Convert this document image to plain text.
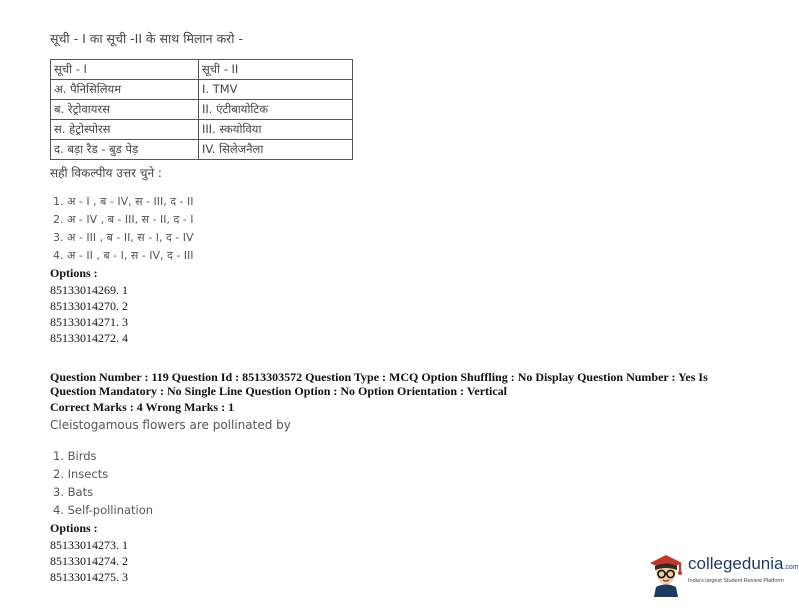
सूची - I का सूची -II के साथ मिलान करो -
सूची - I	सूची - II
अ. पैनिसिलियम	I. TMV
ब. रेट्रोवायरस	II. एंटीबायोटिक
स. हेट्रोस्पोरस	III. स्कयोविया
द. बड़ा रैड - बुड पेड़	IV. सिलेजनैला
सही विकल्पीय उत्तर चुने :
1. अ - I , ब - IV, स - III, द - II
2. अ - IV , ब - III, स - II, द - I
3. अ - III , ब - II, स - I, द - IV
4. अ - II , ब - I, स - IV, द - III
Options :
85133014269. 1
85133014270. 2
85133014271. 3
85133014272. 4
Question Number : 119 Question Id : 8513303572 Question Type : MCQ Option Shuffling : No Display Question Number : Yes Is
Question Mandatory : No Single Line Question Option : No Option Orientation : Vertical
Correct Marks : 4 Wrong Marks : 1
Cleistogamous flowers are pollinated by
1. Birds
2. Insects
3. Bats
4. Self-pollination
Options :
85133014273. 1
85133014274. 2
85133014275. 3
collegedunia.com
India's largest Student Review Platform
